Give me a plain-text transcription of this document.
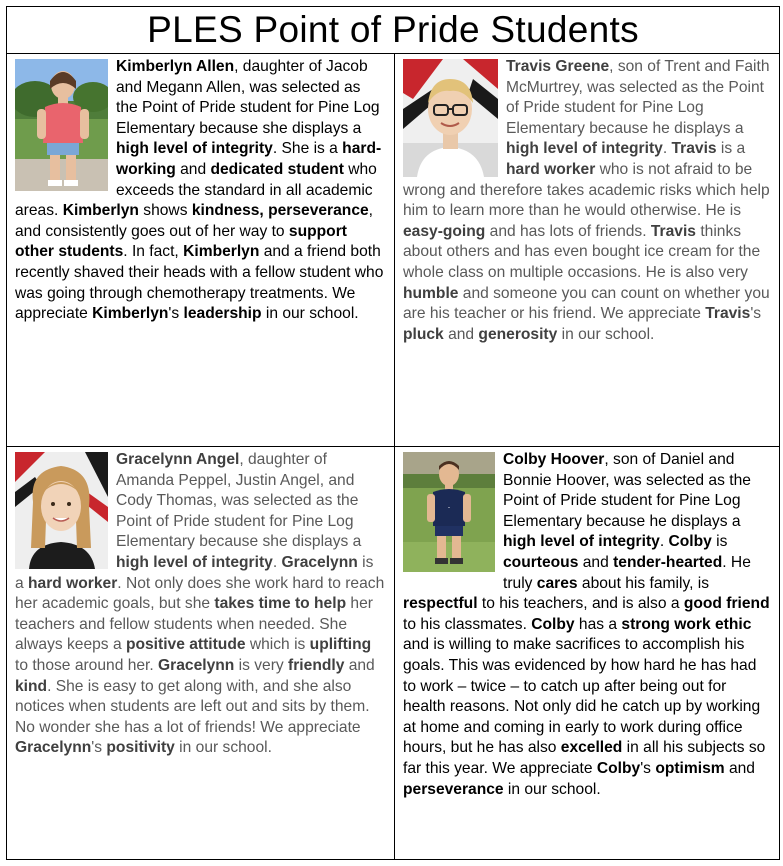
PLES Point of Pride Students
Kimberlyn Allen, daughter of Jacob and Megann Allen, was selected as the Point of Pride student for Pine Log Elementary because she displays a high level of integrity. She is a hard-working and dedicated student who exceeds the standard in all academic areas. Kimberlyn shows kindness, perseverance, and consistently goes out of her way to support other students. In fact, Kimberlyn and a friend both recently shaved their heads with a fellow student who was going through chemotherapy treatments. We appreciate Kimberlyn's leadership in our school.
Travis Greene, son of Trent and Faith McMurtrey, was selected as the Point of Pride student for Pine Log Elementary because he displays a high level of integrity. Travis is a hard worker who is not afraid to be wrong and therefore takes academic risks which help him to learn more than he would otherwise. He is easy-going and has lots of friends. Travis thinks about others and has even bought ice cream for the whole class on multiple occasions. He is also very humble and someone you can count on whether you are his teacher or his friend. We appreciate Travis's pluck and generosity in our school.
Gracelynn Angel, daughter of Amanda Peppel, Justin Angel, and Cody Thomas, was selected as the Point of Pride student for Pine Log Elementary because she displays a high level of integrity. Gracelynn is a hard worker. Not only does she work hard to reach her academic goals, but she takes time to help her teachers and fellow students when needed. She always keeps a positive attitude which is uplifting to those around her. Gracelynn is very friendly and kind. She is easy to get along with, and she also notices when students are left out and sits by them. No wonder she has a lot of friends! We appreciate Gracelynn's positivity in our school.
·
Colby Hoover, son of Daniel and Bonnie Hoover, was selected as the Point of Pride student for Pine Log Elementary because he displays a high level of integrity. Colby is courteous and tender-hearted. He truly cares about his family, is respectful to his teachers, and is also a good friend to his classmates. Colby has a strong work ethic and is willing to make sacrifices to accomplish his goals. This was evidenced by how hard he has had to work – twice – to catch up after being out for health reasons. Not only did he catch up by working at home and coming in early to work during office hours, but he has also excelled in all his subjects so far this year. We appreciate Colby's optimism and perseverance in our school.
